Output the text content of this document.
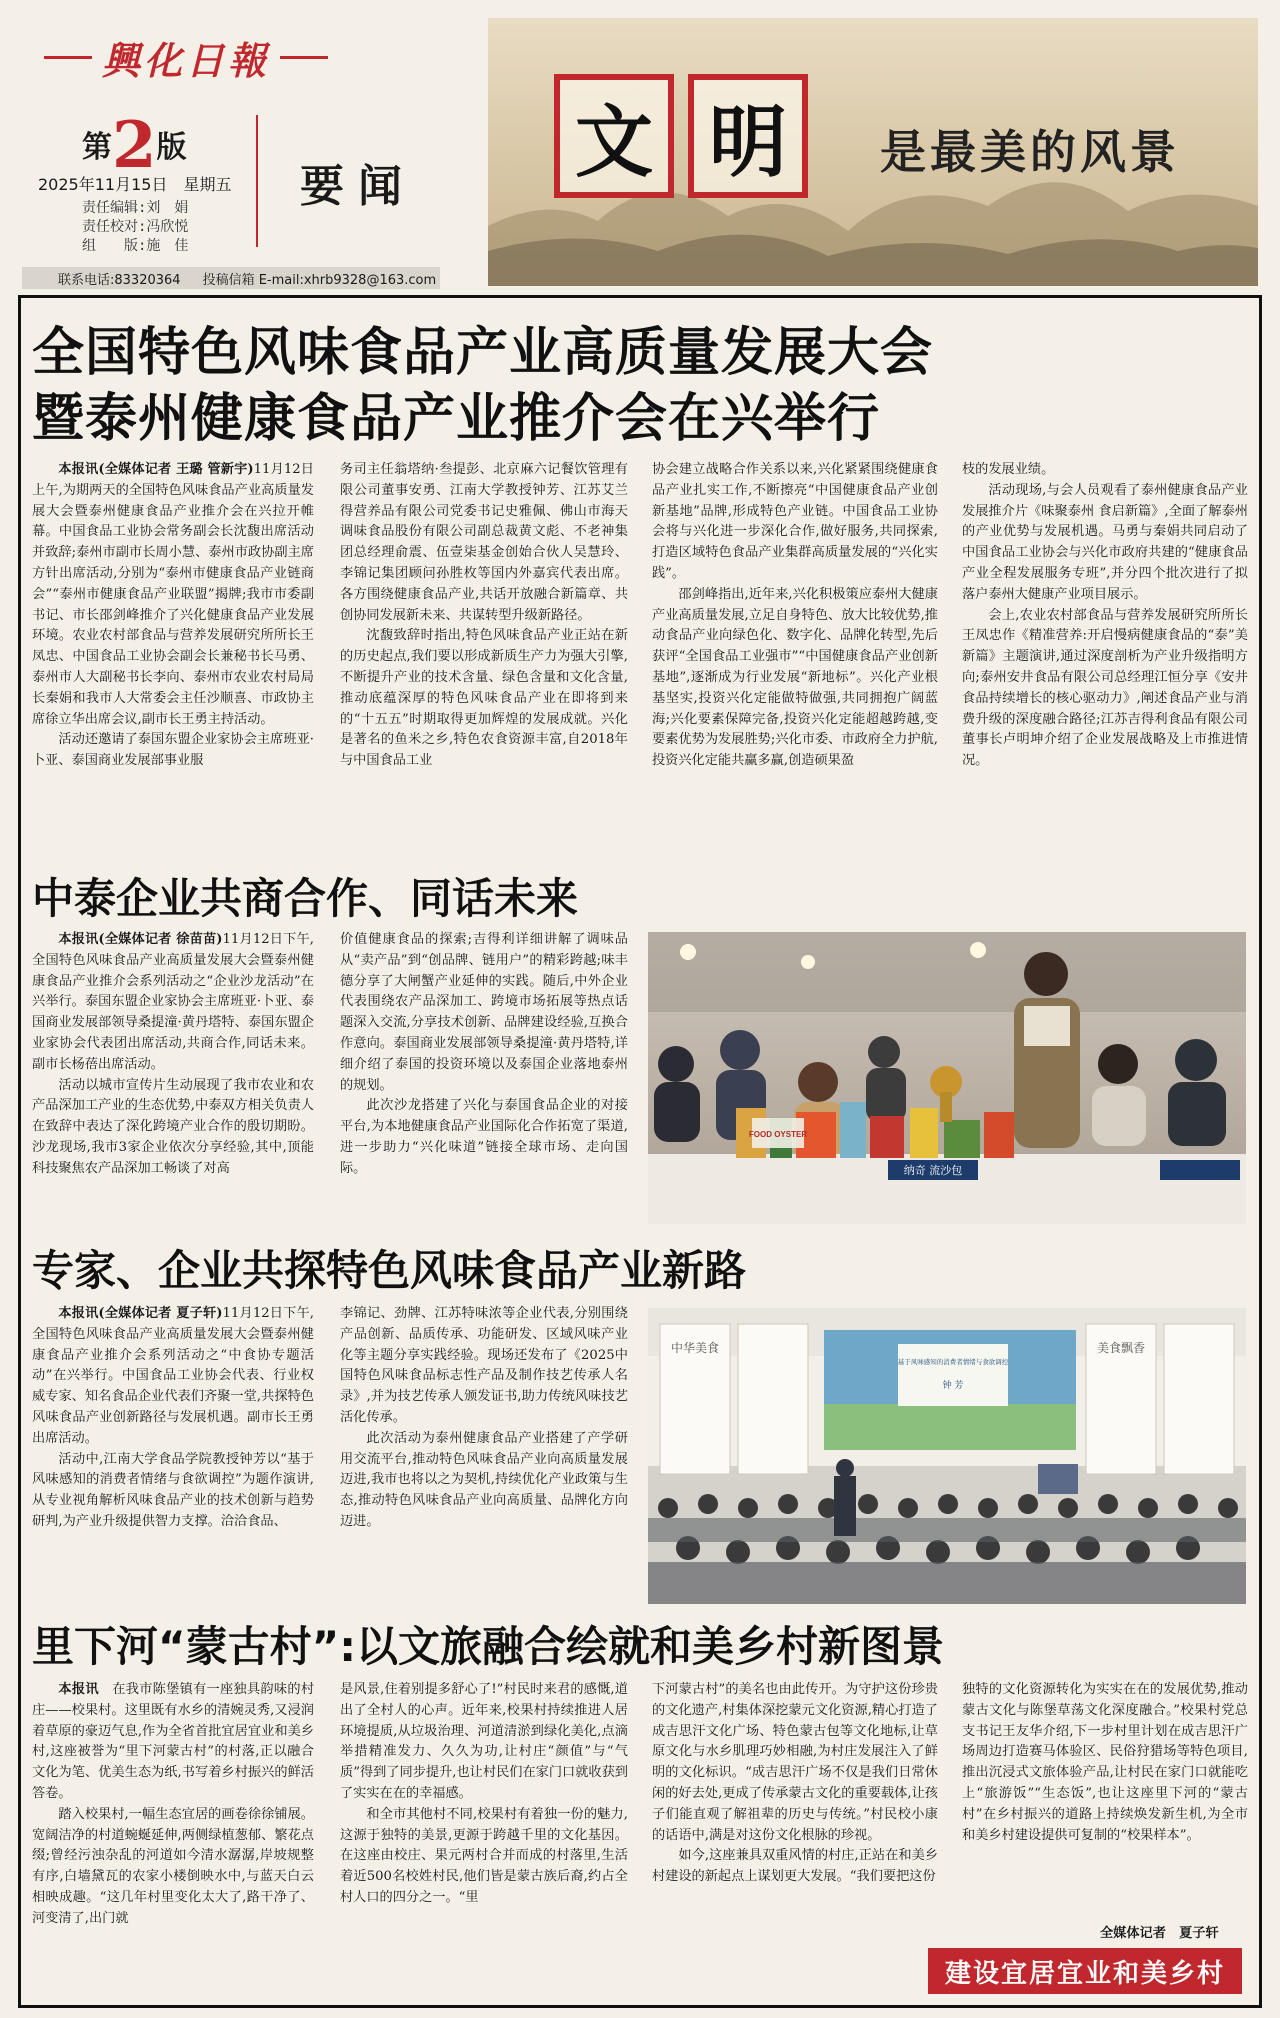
興化日報
第2版
2025年11月15日　星期五
责任编辑:刘　娟
责任校对:冯欣悦
组　　版:施　佳
要闻
联系电话:83320364 投稿信箱 E-mail:xhrb9328@163.com
文 明	是最美的风景
全国特色风味食品产业高质量发展大会
暨泰州健康食品产业推介会在兴举行

本报讯(全媒体记者 王璐 管新宇)11月12日上午,为期两天的全国特色风味食品产业高质量发展大会暨泰州健康食品产业推介会在兴拉开帷幕。中国食品工业协会常务副会长沈馥出席活动并致辞;泰州市副市长周小慧、泰州市政协副主席方针出席活动,分别为“泰州市健康食品产业链商会”“泰州市健康食品产业联盟”揭牌;我市市委副书记、市长邵剑峰推介了兴化健康食品产业发展环境。农业农村部食品与营养发展研究所所长王凤忠、中国食品工业协会副会长兼秘书长马勇、泰州市人大副秘书长李向、泰州市农业农村局局长秦娟和我市人大常委会主任沙顺喜、市政协主席徐立华出席会议,副市长王勇主持活动。

活动还邀请了泰国东盟企业家协会主席班亚·卜亚、泰国商业发展部事业服

务司主任翁塔纳·叁提彭、北京麻六记餐饮管理有限公司董事安勇、江南大学教授钟芳、江苏艾兰得营养品有限公司党委书记史雅佩、佛山市海天调味食品股份有限公司副总裁黄文彪、不老神集团总经理俞震、伍壹柒基金创始合伙人吴慧玲、李锦记集团顾问孙胜枚等国内外嘉宾代表出席。各方围绕健康食品产业,共话开放融合新篇章、共创协同发展新未来、共谋转型升级新路径。

沈馥致辞时指出,特色风味食品产业正站在新的历史起点,我们要以形成新质生产力为强大引擎,不断提升产业的技术含量、绿色含量和文化含量,推动底蕴深厚的特色风味食品产业在即将到来的“十五五”时期取得更加辉煌的发展成就。兴化是著名的鱼米之乡,特色农食资源丰富,自2018年与中国食品工业

协会建立战略合作关系以来,兴化紧紧围绕健康食品产业扎实工作,不断擦亮“中国健康食品产业创新基地”品牌,形成特色产业链。中国食品工业协会将与兴化进一步深化合作,做好服务,共同探索,打造区域特色食品产业集群高质量发展的“兴化实践”。

邵剑峰指出,近年来,兴化积极策应泰州大健康产业高质量发展,立足自身特色、放大比较优势,推动食品产业向绿色化、数字化、品牌化转型,先后获评“全国食品工业强市”“中国健康食品产业创新基地”,逐渐成为行业发展“新地标”。兴化产业根基坚实,投资兴化定能做特做强,共同拥抱广阔蓝海;兴化要素保障完备,投资兴化定能超越跨越,变要素优势为发展胜势;兴化市委、市政府全力护航,投资兴化定能共赢多赢,创造硕果盈

枝的发展业绩。

活动现场,与会人员观看了泰州健康食品产业发展推介片《味聚泰州 食启新篇》,全面了解泰州的产业优势与发展机遇。马勇与秦娟共同启动了中国食品工业协会与兴化市政府共建的“健康食品产业全程发展服务专班”,并分四个批次进行了拟落户泰州大健康产业项目展示。

会上,农业农村部食品与营养发展研究所所长王凤忠作《精准营养:开启慢病健康食品的“泰”美新篇》主题演讲,通过深度剖析为产业升级指明方向;泰州安井食品有限公司总经理江恒分享《安井食品持续增长的核心驱动力》,阐述食品产业与消费升级的深度融合路径;江苏吉得利食品有限公司董事长卢明坤介绍了企业发展战略及上市推进情况。

中泰企业共商合作、同话未来

本报讯(全媒体记者 徐苗苗)11月12日下午,全国特色风味食品产业高质量发展大会暨泰州健康食品产业推介会系列活动之“企业沙龙活动”在兴举行。泰国东盟企业家协会主席班亚·卜亚、泰国商业发展部领导桑提潼·黄丹塔特、泰国东盟企业家协会代表团出席活动,共商合作,同话未来。副市长杨蓓出席活动。

活动以城市宣传片生动展现了我市农业和农产品深加工产业的生态优势,中泰双方相关负责人在致辞中表达了深化跨境产业合作的殷切期盼。沙龙现场,我市3家企业依次分享经验,其中,顶能科技聚焦农产品深加工畅谈了对高

价值健康食品的探索;吉得利详细讲解了调味品从“卖产品”到“创品牌、链用户”的精彩跨越;味丰德分享了大闸蟹产业延伸的实践。随后,中外企业代表围绕农产品深加工、跨境市场拓展等热点话题深入交流,分享技术创新、品牌建设经验,互换合作意向。泰国商业发展部领导桑提潼·黄丹塔特,详细介绍了泰国的投资环境以及泰国企业落地泰州的规划。

此次沙龙搭建了兴化与泰国食品企业的对接平台,为本地健康食品产业国际化合作拓宽了渠道,进一步助力“兴化味道”链接全球市场、走向国际。

FOOD OYSTER
纳奇 流沙包
专家、企业共探特色风味食品产业新路

本报讯(全媒体记者 夏子轩)11月12日下午,全国特色风味食品产业高质量发展大会暨泰州健康食品产业推介会系列活动之“中食协专题活动”在兴举行。中国食品工业协会代表、行业权威专家、知名食品企业代表们齐聚一堂,共探特色风味食品产业创新路径与发展机遇。副市长王勇出席活动。

活动中,江南大学食品学院教授钟芳以“基于风味感知的消费者情绪与食欲调控”为题作演讲,从专业视角解析风味食品产业的技术创新与趋势研判,为产业升级提供智力支撑。洽洽食品、

李锦记、劲牌、江苏特味浓等企业代表,分别围绕产品创新、品质传承、功能研发、区域风味产业化等主题分享实践经验。现场还发布了《2025中国特色风味食品标志性产品及制作技艺传承人名录》,并为技艺传承人颁发证书,助力传统风味技艺活化传承。

此次活动为泰州健康食品产业搭建了产学研用交流平台,推动特色风味食品产业向高质量发展迈进,我市也将以之为契机,持续优化产业政策与生态,推动特色风味食品产业向高质量、品牌化方向迈进。

中华美食	美食飘香
基于风味感知的消费者情绪与食欲调控
钟 芳
里下河“蒙古村”:以文旅融合绘就和美乡村新图景

本报讯　 在我市陈堡镇有一座独具韵味的村庄——校果村。这里既有水乡的清婉灵秀,又浸润着草原的豪迈气息,作为全省首批宜居宜业和美乡村,这座被誉为“里下河蒙古村”的村落,正以融合文化为笔、优美生态为纸,书写着乡村振兴的鲜活答卷。

踏入校果村,一幅生态宜居的画卷徐徐铺展。宽阔洁净的村道蜿蜒延伸,两侧绿植葱郁、繁花点缀;曾经污浊杂乱的河道如今清水潺潺,岸坡规整有序,白墙黛瓦的农家小楼倒映水中,与蓝天白云相映成趣。“这几年村里变化太大了,路干净了、河变清了,出门就

是风景,住着别提多舒心了!”村民时来君的感慨,道出了全村人的心声。近年来,校果村持续推进人居环境提质,从垃圾治理、河道清淤到绿化美化,点滴举措精准发力、久久为功,让村庄“颜值”与“气质”得到了同步提升,也让村民们在家门口就收获到了实实在在的幸福感。

和全市其他村不同,校果村有着独一份的魅力,这源于独特的美景,更源于跨越千里的文化基因。在这座由校庄、果元两村合并而成的村落里,生活着近500名校姓村民,他们皆是蒙古族后裔,约占全村人口的四分之一。“里

下河蒙古村”的美名也由此传开。为守护这份珍贵的文化遗产,村集体深挖蒙元文化资源,精心打造了成吉思汗文化广场、特色蒙古包等文化地标,让草原文化与水乡肌理巧妙相融,为村庄发展注入了鲜明的文化标识。“成吉思汗广场不仅是我们日常休闲的好去处,更成了传承蒙古文化的重要载体,让孩子们能直观了解祖辈的历史与传统。”村民校小康的话语中,满是对这份文化根脉的珍视。

如今,这座兼具双重风情的村庄,正站在和美乡村建设的新起点上谋划更大发展。“我们要把这份

独特的文化资源转化为实实在在的发展优势,推动蒙古文化与陈堡草荡文化深度融合。”校果村党总支书记王友华介绍,下一步村里计划在成吉思汗广场周边打造赛马体验区、民俗狩猎场等特色项目,推出沉浸式文旅体验产品,让村民在家门口就能吃上“旅游饭”“生态饭”,也让这座里下河的“蒙古村”在乡村振兴的道路上持续焕发新生机,为全市和美乡村建设提供可复制的“校果样本”。

全媒体记者　夏子轩
建设宜居宜业和美乡村
